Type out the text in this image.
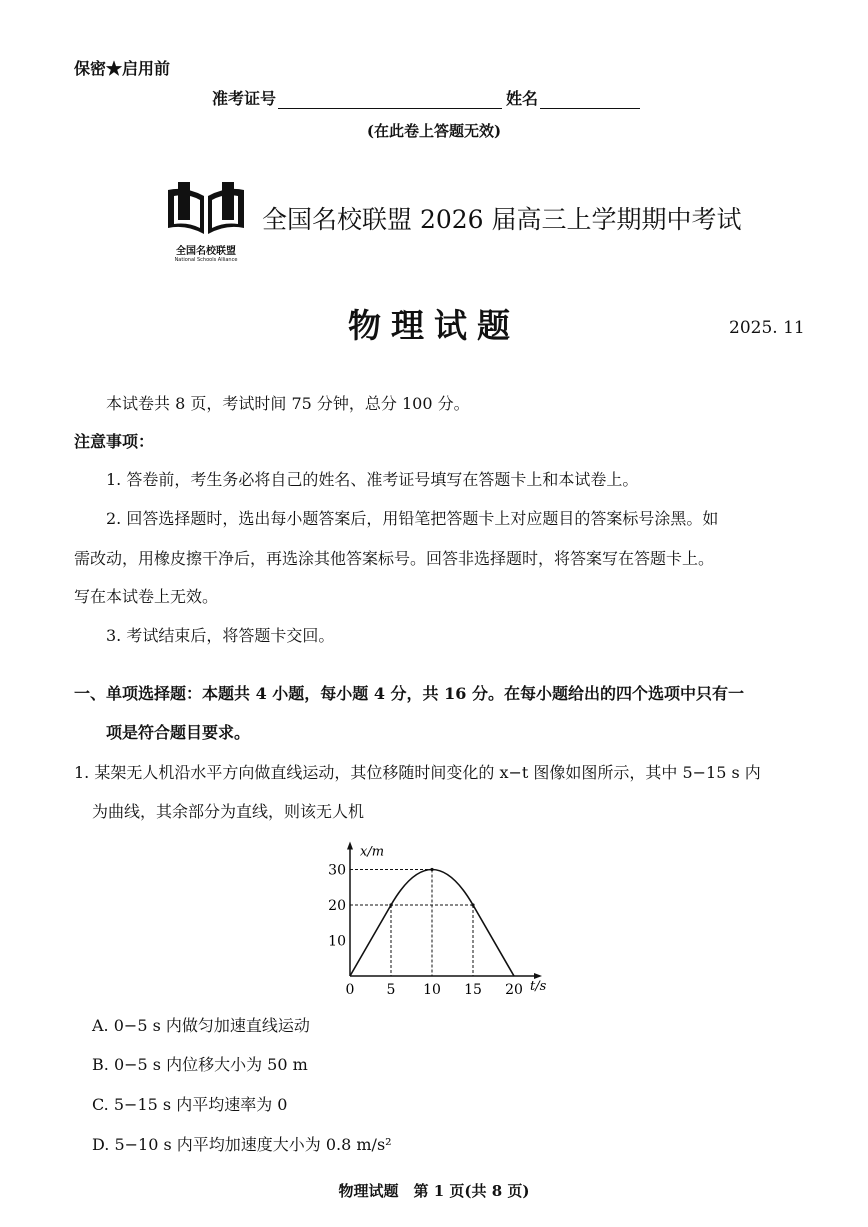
保密★启用前
准考证号	姓名
(在此卷上答题无效)
全国名校联盟
National Schools Alliance
全国名校联盟 2026 届高三上学期期中考试
物理试题	2025. 11
本试卷共 8 页，考试时间 75 分钟，总分 100 分。
注意事项：
1. 答卷前，考生务必将自己的姓名、准考证号填写在答题卡上和本试卷上。
2. 回答选择题时，选出每小题答案后，用铅笔把答题卡上对应题目的答案标号涂黑。如
需改动，用橡皮擦干净后，再选涂其他答案标号。回答非选择题时，将答案写在答题卡上。
写在本试卷上无效。
3. 考试结束后，将答题卡交回。
一、单项选择题：本题共 4 小题，每小题 4 分，共 16 分。在每小题给出的四个选项中只有一
项是符合题目要求。
1. 某架无人机沿水平方向做直线运动，其位移随时间变化的 x−t 图像如图所示，其中 5−15 s 内
为曲线，其余部分为直线，则该无人机
x/m
t/s
0 5 10 15 20
10
20
30
A. 0−5 s 内做匀加速直线运动
B. 0−5 s 内位移大小为 50 m
C. 5−15 s 内平均速率为 0
D. 5−10 s 内平均加速度大小为 0.8 m/s²
物理试题　第 1 页(共 8 页)
